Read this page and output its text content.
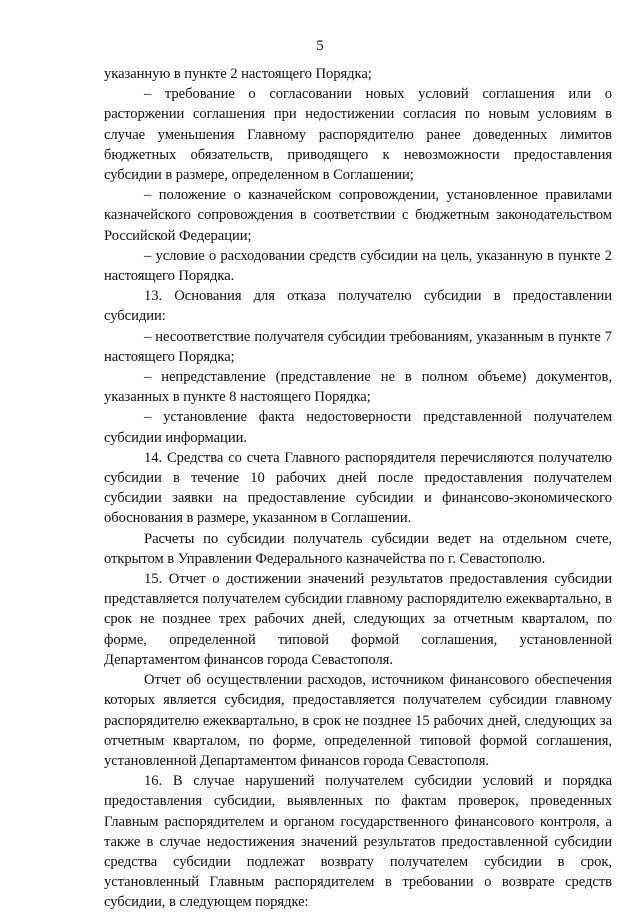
5

указанную в пункте 2 настоящего Порядка;

– требование о согласовании новых условий соглашения или о расторжении соглашения при недостижении согласия по новым условиям в случае уменьшения Главному распорядителю ранее доведенных лимитов бюджетных обязательств, приводящего к невозможности предоставления субсидии в размере, определенном в Соглашении;

– положение о казначейском сопровождении, установленное правилами казначейского сопровождения в соответствии с бюджетным законодательством Российской Федерации;

– условие о расходовании средств субсидии на цель, указанную в пункте 2 настоящего Порядка.

13. Основания для отказа получателю субсидии в предоставлении субсидии:

– несоответствие получателя субсидии требованиям, указанным в пункте 7 настоящего Порядка;

– непредставление (представление не в полном объеме) документов, указанных в пункте 8 настоящего Порядка;

– установление факта недостоверности представленной получателем субсидии информации.

14. Средства со счета Главного распорядителя перечисляются получателю субсидии в течение 10 рабочих дней после предоставления получателем субсидии заявки на предоставление субсидии и финансово-экономического обоснования в размере, указанном в Соглашении.

Расчеты по субсидии получатель субсидии ведет на отдельном счете, открытом в Управлении Федерального казначейства по г. Севастополю.

15. Отчет о достижении значений результатов предоставления субсидии представляется получателем субсидии главному распорядителю ежеквартально, в срок не позднее трех рабочих дней, следующих за отчетным кварталом, по форме, определенной типовой формой соглашения, установленной Департаментом финансов города Севастополя.

Отчет об осуществлении расходов, источником финансового обеспечения которых является субсидия, предоставляется получателем субсидии главному распорядителю ежеквартально, в срок не позднее 15 рабочих дней, следующих за отчетным кварталом, по форме, определенной типовой формой соглашения, установленной Департаментом финансов города Севастополя.

16. В случае нарушений получателем субсидии условий и порядка предоставления субсидии, выявленных по фактам проверок, проведенных Главным распорядителем и органом государственного финансового контроля, а также в случае недостижения значений результатов предоставленной субсидии средства субсидии подлежат возврату получателем субсидии в срок, установленный Главным распорядителем в требовании о возврате средств субсидии, в следующем порядке:
